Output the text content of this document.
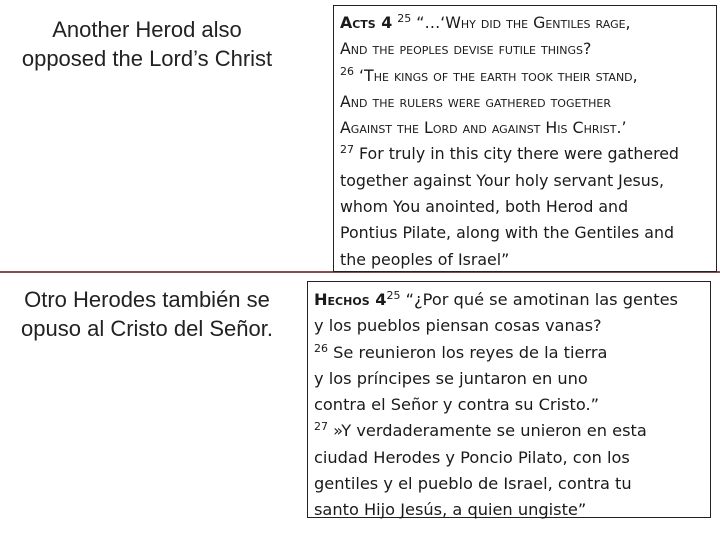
Another Herod also opposed the Lord’s Christ
Otro Herodes también se opuso al Cristo del Señor.
Acts 4 $^{25}$ “…‘Why did the Gentiles rage,
And the peoples devise futile things?
$^{26}$ ‘The kings of the earth took their stand,
And the rulers were gathered together
Against the Lord and against His Christ.’
$^{27}$ For truly in this city there were gathered
together against Your holy servant Jesus,
whom You anointed, both Herod and
Pontius Pilate, along with the Gentiles and
the peoples of Israel”
Hechos $4^{25}$ “¿Por qué se amotinan las gentes
y los pueblos piensan cosas vanas?
$^{26}$ Se reunieron los reyes de la tierra
y los príncipes se juntaron en uno
contra el Señor y contra su Cristo.”
$^{27}$ »Y verdaderamente se unieron en esta
ciudad Herodes y Poncio Pilato, con los
gentiles y el pueblo de Israel, contra tu
santo Hijo Jesús, a quien ungiste”
